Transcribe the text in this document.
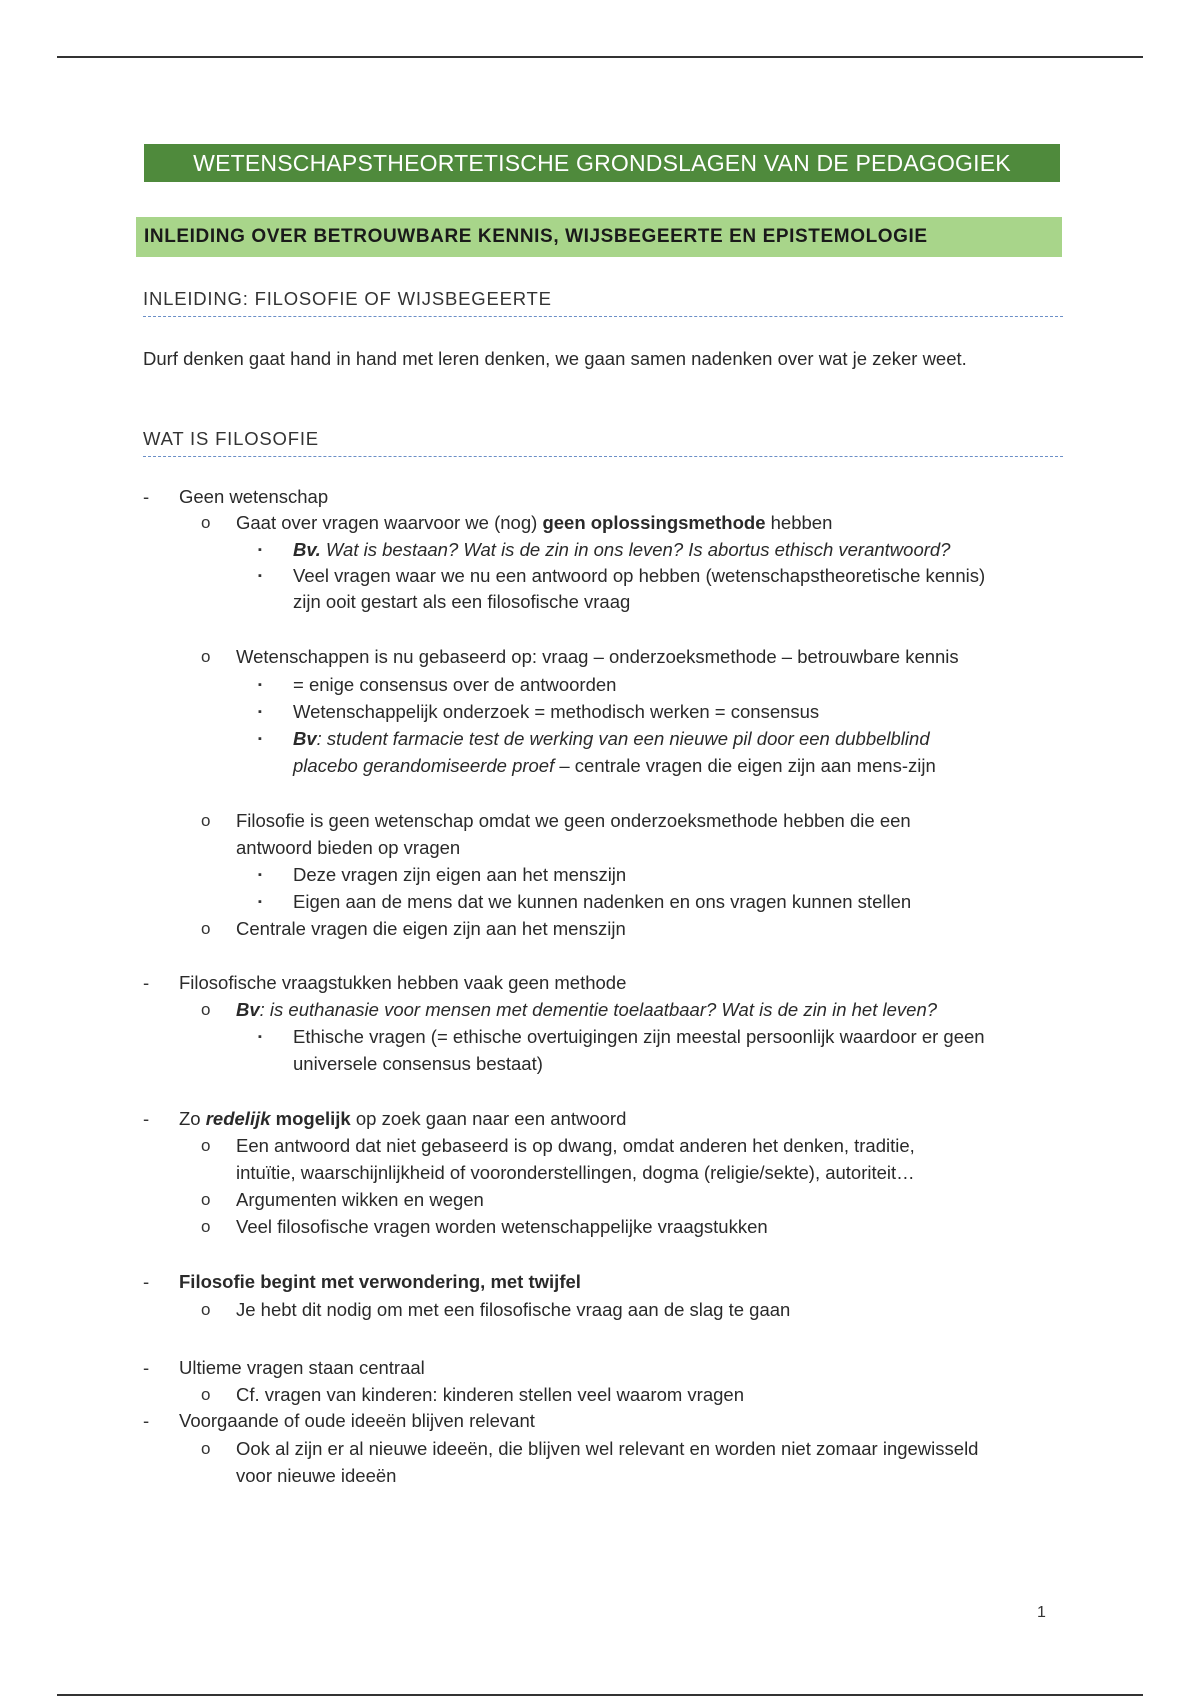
WETENSCHAPSTHEORTETISCHE GRONDSLAGEN VAN DE PEDAGOGIEK
INLEIDING OVER BETROUWBARE KENNIS, WIJSBEGEERTE EN EPISTEMOLOGIE
INLEIDING: FILOSOFIE OF WIJSBEGEERTE
Durf denken gaat hand in hand met leren denken, we gaan samen nadenken over wat je zeker weet.
WAT IS FILOSOFIE
- Geen wetenschap
o Gaat over vragen waarvoor we (nog) geen oplossingsmethode hebben
▪ Bv. Wat is bestaan? Wat is de zin in ons leven? Is abortus ethisch verantwoord?
▪ Veel vragen waar we nu een antwoord op hebben (wetenschapstheoretische kennis)
zijn ooit gestart als een filosofische vraag
o Wetenschappen is nu gebaseerd op: vraag – onderzoeksmethode – betrouwbare kennis
▪ = enige consensus over de antwoorden
▪ Wetenschappelijk onderzoek = methodisch werken = consensus
▪ Bv: student farmacie test de werking van een nieuwe pil door een dubbelblind
placebo gerandomiseerde proef – centrale vragen die eigen zijn aan mens-zijn
o Filosofie is geen wetenschap omdat we geen onderzoeksmethode hebben die een
antwoord bieden op vragen
▪ Deze vragen zijn eigen aan het menszijn
▪ Eigen aan de mens dat we kunnen nadenken en ons vragen kunnen stellen
o Centrale vragen die eigen zijn aan het menszijn
- Filosofische vraagstukken hebben vaak geen methode
o Bv: is euthanasie voor mensen met dementie toelaatbaar? Wat is de zin in het leven?
▪ Ethische vragen (= ethische overtuigingen zijn meestal persoonlijk waardoor er geen
universele consensus bestaat)
- Zo redelijk mogelijk op zoek gaan naar een antwoord
o Een antwoord dat niet gebaseerd is op dwang, omdat anderen het denken, traditie,
intuïtie, waarschijnlijkheid of vooronderstellingen, dogma (religie/sekte), autoriteit…
o Argumenten wikken en wegen
o Veel filosofische vragen worden wetenschappelijke vraagstukken
- Filosofie begint met verwondering, met twijfel
o Je hebt dit nodig om met een filosofische vraag aan de slag te gaan
- Ultieme vragen staan centraal
o Cf. vragen van kinderen: kinderen stellen veel waarom vragen
- Voorgaande of oude ideeën blijven relevant
o Ook al zijn er al nieuwe ideeën, die blijven wel relevant en worden niet zomaar ingewisseld
voor nieuwe ideeën
1
